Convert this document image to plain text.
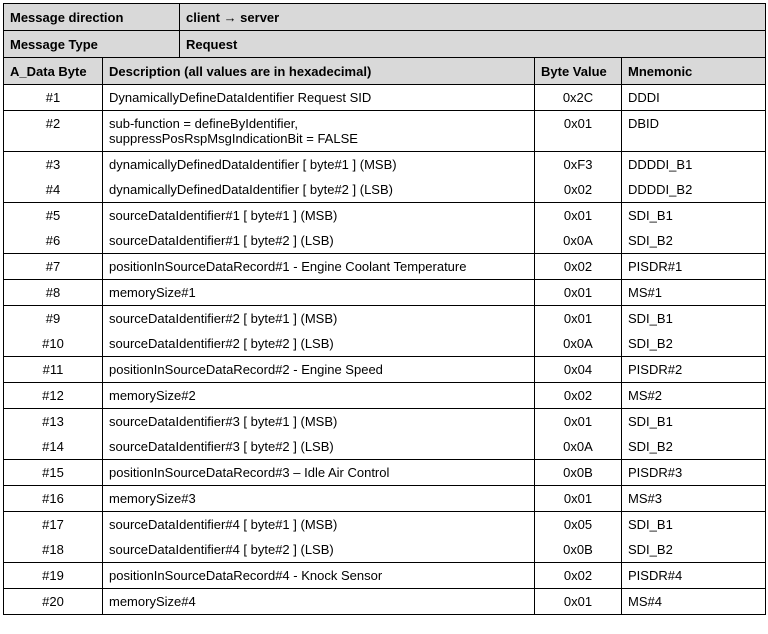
Message direction		client → server		
Message Type		Request		
A_Data Byte	Description (all values are in hexadecimal)		Byte Value	Mnemonic
#1	DynamicallyDefineDataIdentifier Request SID		0x2C	DDDI
#2	sub-function = defineByIdentifier,
suppressPosRspMsgIndicationBit = FALSE		0x01	DBID
#3	dynamicallyDefinedDataIdentifier [ byte#1 ] (MSB)		0xF3	DDDDI_B1
#4	dynamicallyDefinedDataIdentifier [ byte#2 ] (LSB)		0x02	DDDDI_B2
#5	sourceDataIdentifier#1 [ byte#1 ] (MSB)		0x01	SDI_B1
#6	sourceDataIdentifier#1 [ byte#2 ] (LSB)		0x0A	SDI_B2
#7	positionInSourceDataRecord#1 - Engine Coolant Temperature		0x02	PISDR#1
#8	memorySize#1		0x01	MS#1
#9	sourceDataIdentifier#2 [ byte#1 ] (MSB)		0x01	SDI_B1
#10	sourceDataIdentifier#2 [ byte#2 ] (LSB)		0x0A	SDI_B2
#11	positionInSourceDataRecord#2 - Engine Speed		0x04	PISDR#2
#12	memorySize#2		0x02	MS#2
#13	sourceDataIdentifier#3 [ byte#1 ] (MSB)		0x01	SDI_B1
#14	sourceDataIdentifier#3 [ byte#2 ] (LSB)		0x0A	SDI_B2
#15	positionInSourceDataRecord#3 – Idle Air Control		0x0B	PISDR#3
#16	memorySize#3		0x01	MS#3
#17	sourceDataIdentifier#4 [ byte#1 ] (MSB)		0x05	SDI_B1
#18	sourceDataIdentifier#4 [ byte#2 ] (LSB)		0x0B	SDI_B2
#19	positionInSourceDataRecord#4 - Knock Sensor		0x02	PISDR#4
#20	memorySize#4		0x01	MS#4
